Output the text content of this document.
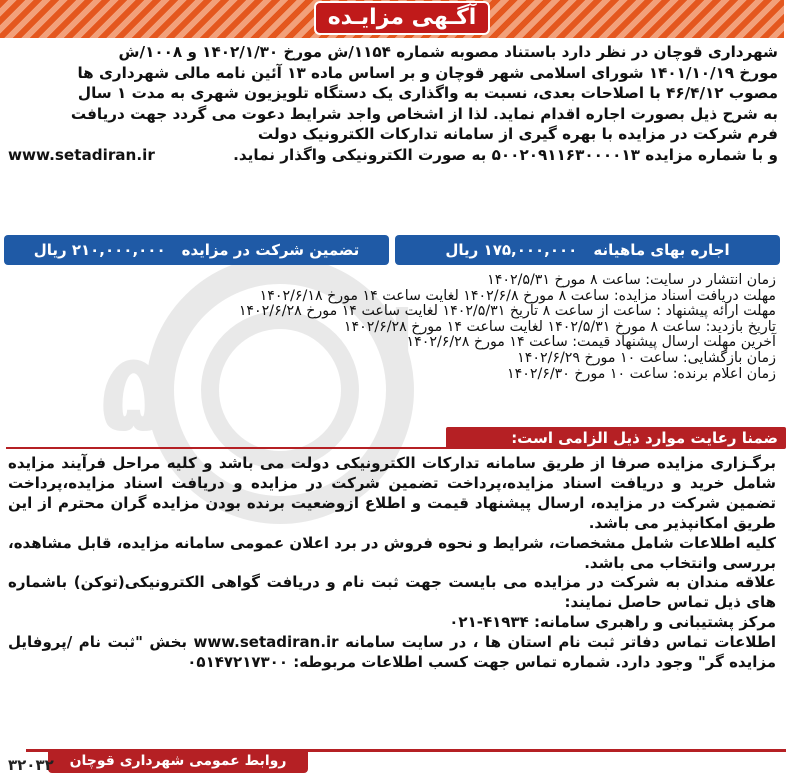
۵	ا
آگـهی مزایـده

شهرداری قوچان در نظر دارد باستناد مصوبه شماره ۱۱۵۴/ش مورخ ۱۴۰۲/۱/۳۰ و ۱۰۰۸/ش

مورخ ۱۴۰۱/۱۰/۱۹ شورای اسلامی شهر قوچان و بر اساس ماده ۱۳ آئین نامه مالی شهرداری ها

مصوب ۴۶/۴/۱۲ با اصلاحات بعدی، نسبت به واگذاری یک دستگاه تلویزیون شهری به مدت ۱ سال

به شرح ذیل بصورت اجاره اقدام نماید. لذا از اشخاص واجد شرایط دعوت می گردد جهت دریافت

فرم شرکت در مزایده با بهره گیری از سامانه تدارکات الکترونیک دولت

www.setadiran.ir	و با شماره مزایده ۵۰۰۲۰۹۱۱۶۳۰۰۰۰۱۳ به صورت الکترونیکی واگذار نماید.

اجاره بهای ماهیانه
۱۷۵,۰۰۰,۰۰۰ ریال
تضمین شرکت در مزایده
۲۱۰,۰۰۰,۰۰۰ ریال
زمان انتشار در سایت: ساعت ۸ مورخ ۱۴۰۲/۵/۳۱
مهلت دریافت اسناد مزایده: ساعت ۸ مورخ ۱۴۰۲/۶/۸ لغایت ساعت ۱۴ مورخ ۱۴۰۲/۶/۱۸
مهلت ارائه پیشنهاد : ساعت از ساعت ۸ تاریخ ۱۴۰۲/۵/۳۱ لغایت ساعت ۱۴ مورخ ۱۴۰۲/۶/۲۸
تاریخ بازدید: ساعت ۸ مورخ ۱۴۰۲/۵/۳۱ لغایت ساعت ۱۴ مورخ ۱۴۰۲/۶/۲۸
آخرین مهلت ارسال پیشنهاد قیمت: ساعت ۱۴ مورخ ۱۴۰۲/۶/۲۸
زمان بازگشایی: ساعت ۱۰ مورخ ۱۴۰۲/۶/۲۹
زمان اعلام برنده: ساعت ۱۰ مورخ ۱۴۰۲/۶/۳۰
ضمنا رعایت موارد ذیل الزامی است:

برگـزاری مزایده صرفا از طریق سامانه تدارکات الکترونیکی دولت می باشد و کلیه مراحل فرآیند مزایده شامل خرید و دریافت اسناد مزایده،پرداخت تضمین شرکت در مزایده و دریافت اسناد مزایده،پرداخت تضمین شرکت در مزایده، ارسال پیشنهاد قیمت و اطلاع ازوضعیت برنده بودن مزایده گران محترم از این طریق امکانپذیر می باشد.

کلیه اطلاعات شامل مشخصات، شرایط و نحوه فروش در برد اعلان عمومی سامانه مزایده، قابل مشاهده، بررسی وانتخاب می باشد.

علاقه مندان به شرکت در مزایده می بایست جهت ثبت نام و دریافت گواهی الکترونیکی(توکن) باشماره های ذیل تماس حاصل نمایند:

مرکز پشتیبانی و راهبری سامانه: ۴۱۹۳۴-۰۲۱

اطلاعات تماس دفاتر ثبت نام استان ها ، در سایت سامانه www.setadiran.ir بخش "ثبت نام /پروفایل مزایده گر" وجود دارد. شماره تماس جهت کسب اطلاعات مربوطه: ۰۵۱۴۷۲۱۷۳۰۰

روابط عمومی شهرداری قوچان
۳۲۰۳۲
